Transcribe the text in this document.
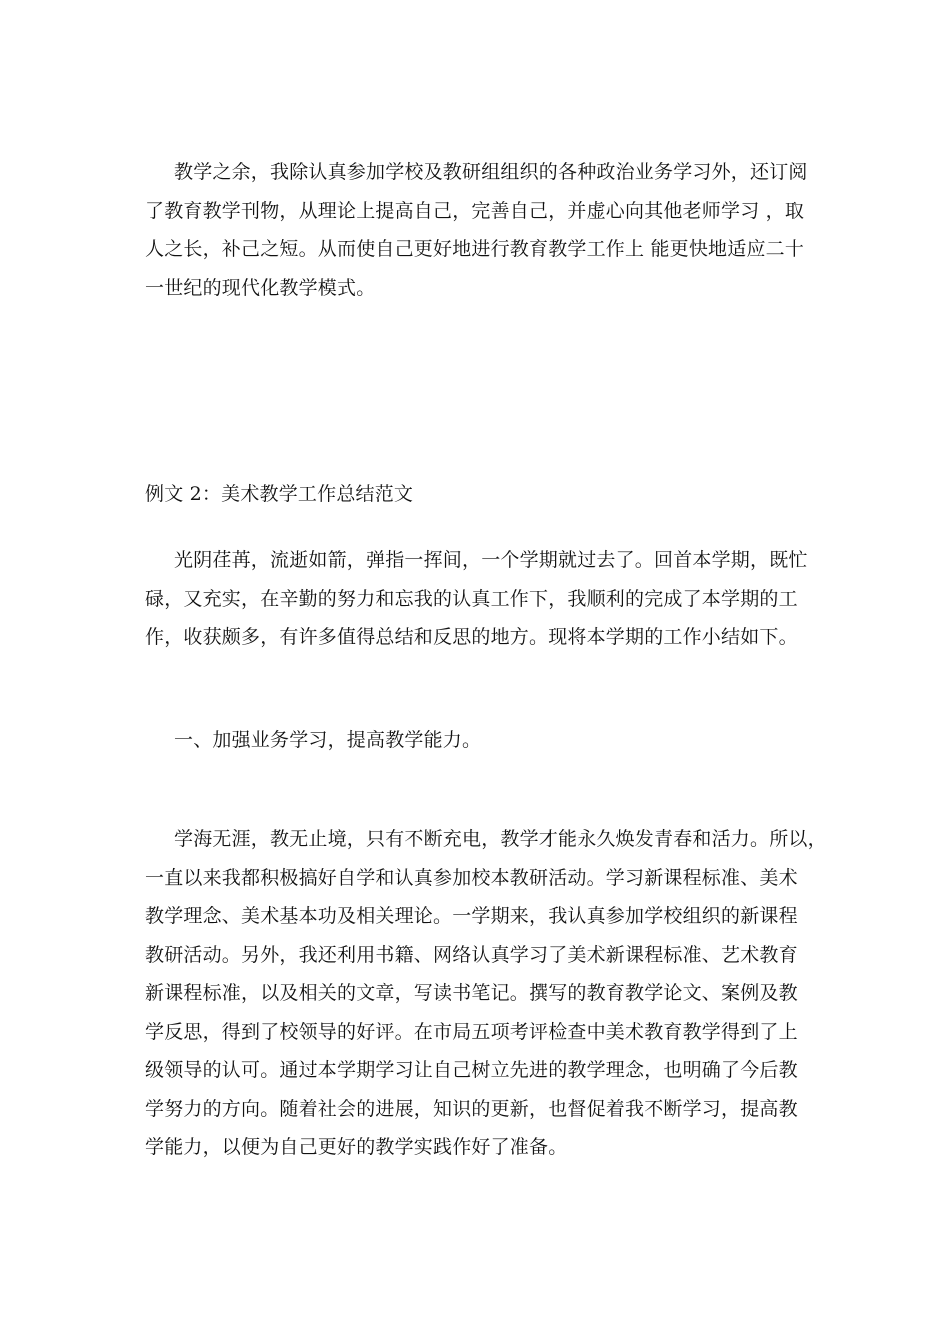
教学之余，我除认真参加学校及教研组组织的各种政治业务学习外，还订阅
了教育教学刊物，从理论上提高自己，完善自己，并虚心向其他老师学习 ，取
人之长，补己之短。从而使自己更好地进行教育教学工作上 能更快地适应二十
一世纪的现代化教学模式。
例文 2：美术教学工作总结范文
光阴荏苒，流逝如箭，弹指一挥间，一个学期就过去了。回首本学期，既忙
碌，又充实，在辛勤的努力和忘我的认真工作下，我顺利的完成了本学期的工
作，收获颇多，有许多值得总结和反思的地方。现将本学期的工作小结如下。
一、加强业务学习，提高教学能力。
学海无涯，教无止境，只有不断充电，教学才能永久焕发青春和活力。所以，
一直以来我都积极搞好自学和认真参加校本教研活动。学习新课程标准、美术
教学理念、美术基本功及相关理论。一学期来，我认真参加学校组织的新课程
教研活动。另外，我还利用书籍、网络认真学习了美术新课程标准、艺术教育
新课程标准，以及相关的文章，写读书笔记。撰写的教育教学论文、案例及教
学反思，得到了校领导的好评。在市局五项考评检查中美术教育教学得到了上
级领导的认可。通过本学期学习让自己树立先进的教学理念，也明确了今后教
学努力的方向。随着社会的进展，知识的更新，也督促着我不断学习，提高教
学能力，以便为自己更好的教学实践作好了准备。
